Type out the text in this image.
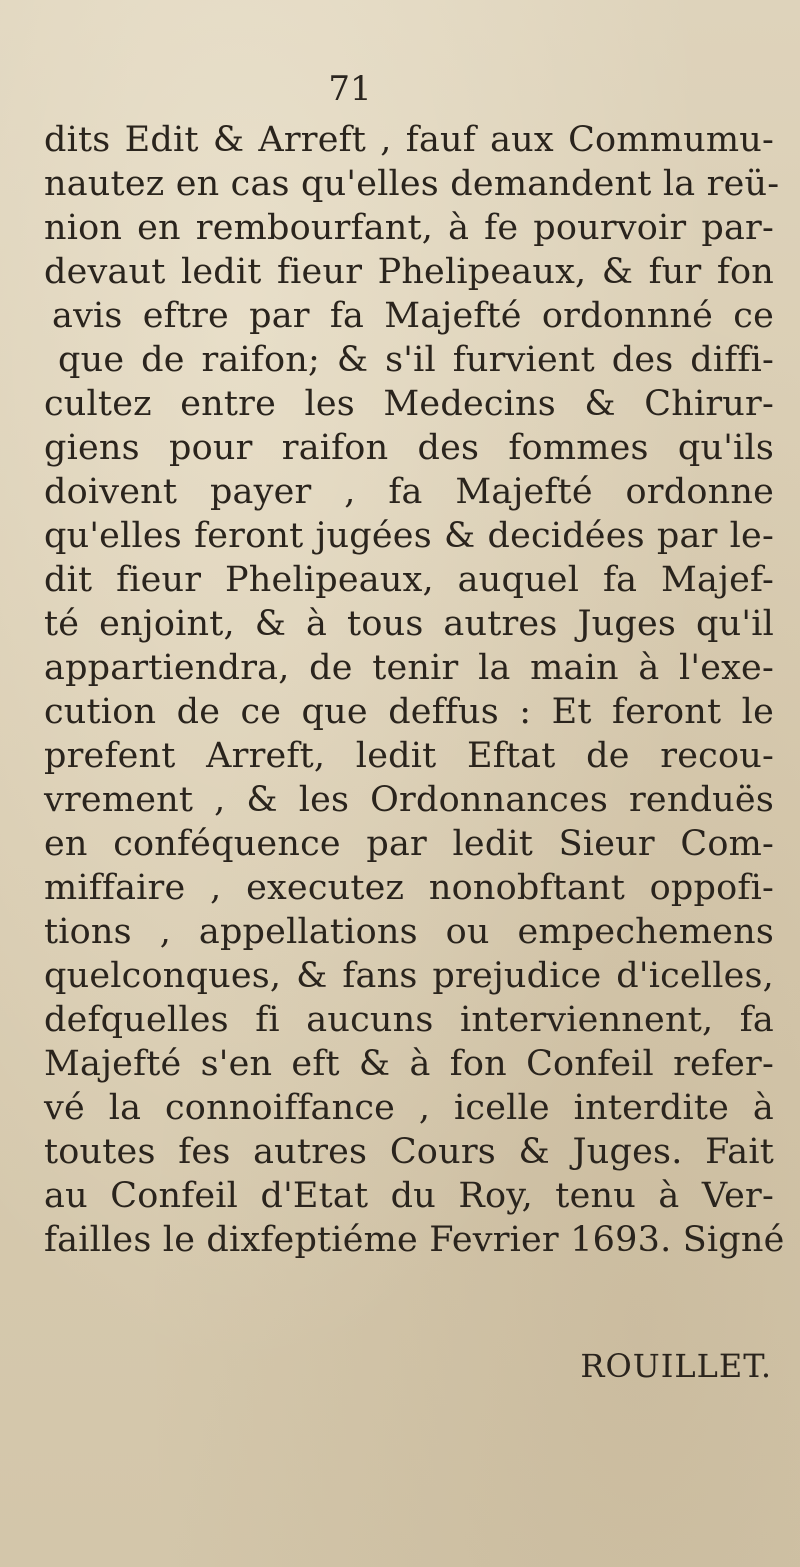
71
dits Edit & Arreft , fauf aux Commumu-
nautez en cas qu'elles demandent la reü-
nion en rembourfant, à fe pourvoir par-
devaut ledit fieur Phelipeaux, & fur fon
avis eftre par fa Majefté ordonnné ce
que de raifon; & s'il furvient des diffi-
cultez entre les Medecins & Chirur-
giens pour raifon des fommes qu'ils
doivent payer , fa Majefté ordonne
qu'elles feront jugées & decidées par le-
dit fieur Phelipeaux, auquel fa Majef-
té enjoint, & à tous autres Juges qu'il
appartiendra, de tenir la main à l'exe-
cution de ce que deffus : Et feront le
prefent Arreft, ledit Eftat de recou-
vrement , & les Ordonnances renduës
en conféquence par ledit Sieur Com-
miffaire , executez nonobftant oppofi-
tions , appellations ou empechemens
quelconques, & fans prejudice d'icelles,
defquelles fi aucuns interviennent, fa
Majefté s'en eft & à fon Confeil refer-
vé la connoiffance , icelle interdite à
toutes fes autres Cours & Juges. Fait
au Confeil d'Etat du Roy, tenu à Ver-
failles le dixfeptiéme Fevrier 1693. Signé
ROUILLET.
